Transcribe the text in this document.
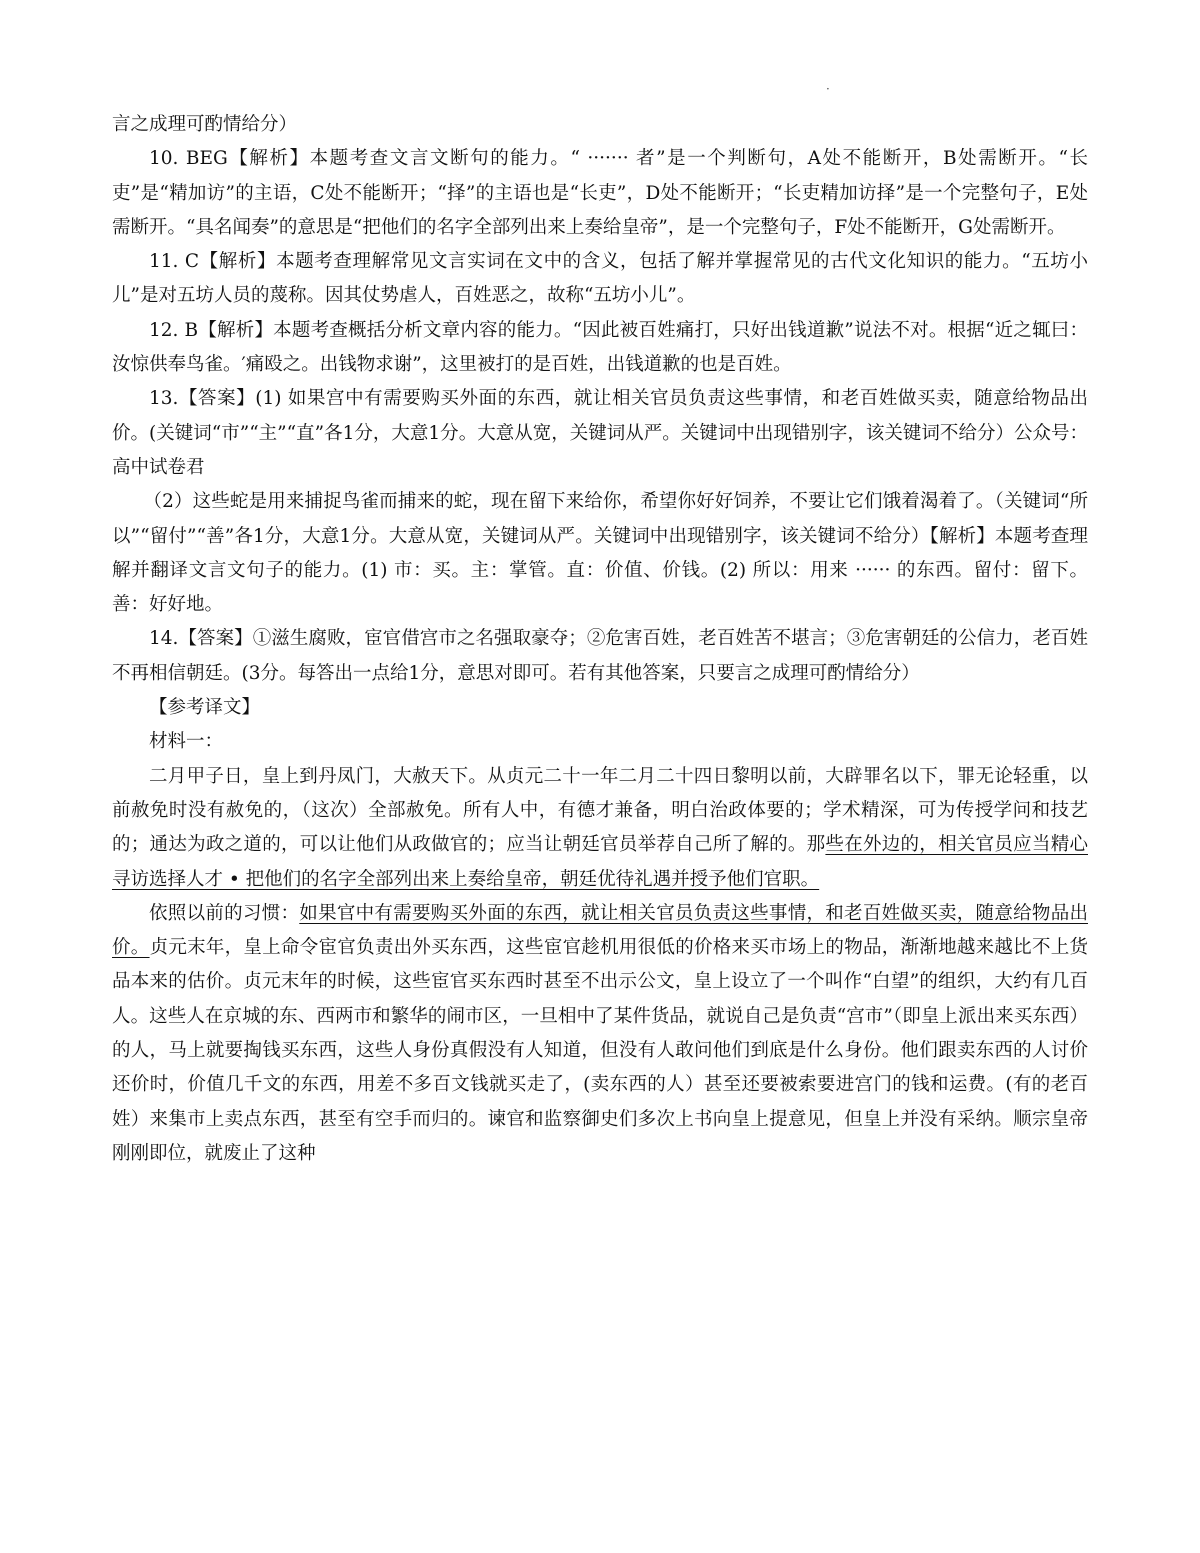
·

言之成理可酌情给分）

10. BEG【解析】本题考查文言文断句的能力。“ ······· 者”是一个判断句，A处不能断开，B处需断开。“长吏”是“精加访”的主语，C处不能断开；“择”的主语也是“长吏”，D处不能断开；“长吏精加访择”是一个完整句子，E处需断开。“具名闻奏”的意思是“把他们的名字全部列出来上奏给皇帝”，是一个完整句子，F处不能断开，G处需断开。

11. C【解析】本题考查理解常见文言实词在文中的含义，包括了解并掌握常见的古代文化知识的能力。“五坊小儿”是对五坊人员的蔑称。因其仗势虐人，百姓恶之，故称“五坊小儿”。

12. B【解析】本题考查概括分析文章内容的能力。“因此被百姓痛打，只好出钱道歉”说法不对。根据“近之辄曰：汝惊供奉鸟雀。′痛殴之。出钱物求谢”，这里被打的是百姓，出钱道歉的也是百姓。

13.【答案】(1) 如果宫中有需要购买外面的东西，就让相关官员负责这些事情，和老百姓做买卖，随意给物品出价。(关键词“市”“主”“直”各1分，大意1分。大意从宽，关键词从严。关键词中出现错别字，该关键词不给分）公众号：高中试卷君

（2）这些蛇是用来捕捉鸟雀而捕来的蛇，现在留下来给你，希望你好好饲养，不要让它们饿着渴着了。（关键词“所以”“留付”“善”各1分，大意1分。大意从宽，关键词从严。关键词中出现错别字，该关键词不给分）【解析】本题考查理解并翻译文言文句子的能力。(1) 市：买。主：掌管。直：价值、价钱。(2) 所以：用来 ······ 的东西。留付：留下。善：好好地。

14.【答案】①滋生腐败，宦官借宫市之名强取豪夺；②危害百姓，老百姓苦不堪言；③危害朝廷的公信力，老百姓不再相信朝廷。(3分。每答出一点给1分，意思对即可。若有其他答案，只要言之成理可酌情给分）

【参考译文】

材料一：

二月甲子日，皇上到丹凤门，大赦天下。从贞元二十一年二月二十四日黎明以前，大辟罪名以下，罪无论轻重，以前赦免时没有赦免的，（这次）全部赦免。所有人中，有德才兼备，明白治政体要的；学术精深，可为传授学问和技艺的；通达为政之道的，可以让他们从政做官的；应当让朝廷官员举荐自己所了解的。那些在外边的，相关官员应当精心寻访选择人才 • 把他们的名字全部列出来上奏给皇帝，朝廷优待礼遇并授予他们官职。

依照以前的习惯：如果官中有需要购买外面的东西，就让相关官员负责这些事情，和老百姓做买卖，随意给物品出价。贞元末年，皇上命令宦官负责出外买东西，这些宦官趁机用很低的价格来买市场上的物品，渐渐地越来越比不上货品本来的估价。贞元末年的时候，这些宦官买东西时甚至不出示公文，皇上设立了一个叫作“白望”的组织，大约有几百人。这些人在京城的东、西两市和繁华的闹市区，一旦相中了某件货品，就说自己是负责“宫市”（即皇上派出来买东西）的人，马上就要掏钱买东西，这些人身份真假没有人知道，但没有人敢问他们到底是什么身份。他们跟卖东西的人讨价还价时，价值几千文的东西，用差不多百文钱就买走了，(卖东西的人）甚至还要被索要进宫门的钱和运费。(有的老百姓）来集市上卖点东西，甚至有空手而归的。谏官和监察御史们多次上书向皇上提意见，但皇上并没有采纳。顺宗皇帝刚刚即位，就废止了这种
